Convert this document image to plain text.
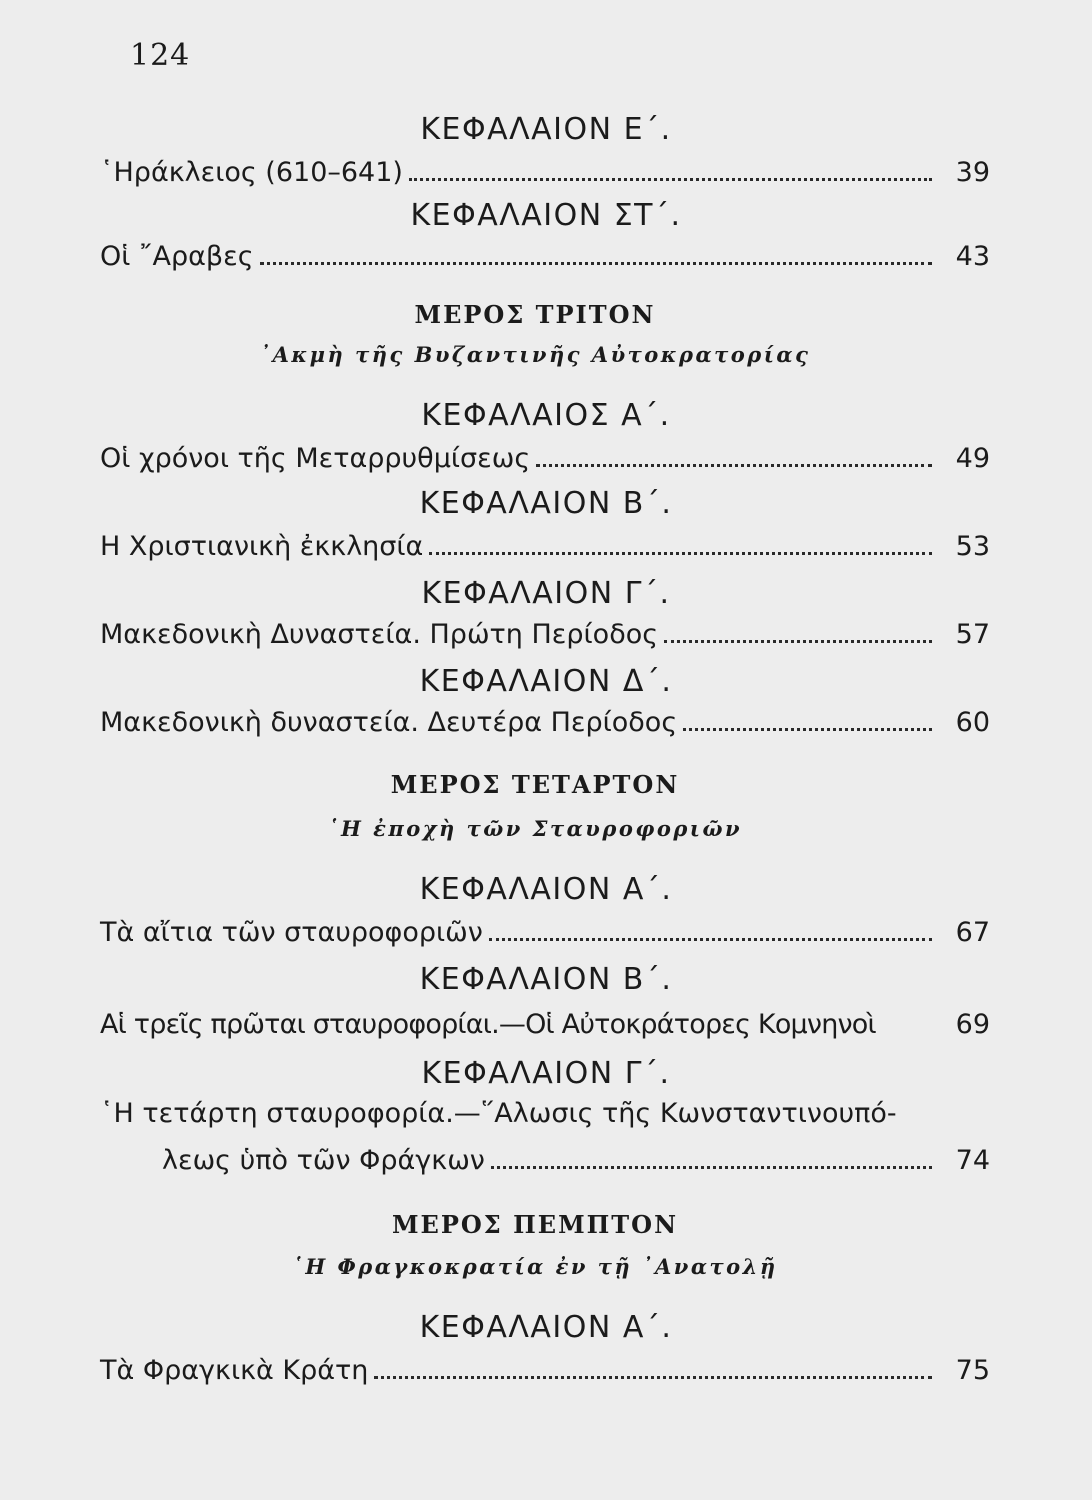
124
ΚΕΦΑΛΑΙΟΝ Ε΄.
῾Ηράκλειος (610–641)	39
ΚΕΦΑΛΑΙΟΝ ΣΤ΄.
Οἱ ῎Αραβες	43
ΜΕΡΟΣ ΤΡΙΤΟΝ
᾿Ακμὴ τῆς Βυζαντινῆς Αὐτοκρατορίας
ΚΕΦΑΛΑΙΟΣ Α΄.
Οἱ χρόνοι τῆς Μεταρρυθμίσεως	49
ΚΕΦΑΛΑΙΟΝ Β΄.
Η Χριστιανικὴ ἐκκλησία	53
ΚΕΦΑΛΑΙΟΝ Γ΄.
Μακεδονικὴ Δυναστεία. Πρώτη Περίοδος	57
ΚΕΦΑΛΑΙΟΝ Δ΄.
Μακεδονικὴ δυναστεία. Δευτέρα Περίοδος	60
ΜΕΡΟΣ ΤΕΤΑΡΤΟΝ
῾Η ἐποχὴ τῶν Σταυροφοριῶν
ΚΕΦΑΛΑΙΟΝ Α΄.
Τὰ αἴτια τῶν σταυροφοριῶν	67
ΚΕΦΑΛΑΙΟΝ Β΄.
Αἱ τρεῖς πρῶται σταυροφορίαι.—Οἱ Αὐτοκράτορες Κομνηνοὶ	69
ΚΕΦΑΛΑΙΟΝ Γ΄.
῾Η τετάρτη σταυροφορία.—῞Αλωσις τῆς Κωνσταντινουπό-
λεως ὑπὸ τῶν Φράγκων	74
ΜΕΡΟΣ ΠΕΜΠΤΟΝ
῾Η Φραγκοκρατία ἐν τῇ ᾿Ανατολῇ
ΚΕΦΑΛΑΙΟΝ Α΄.
Τὰ Φραγκικὰ Κράτη	75
